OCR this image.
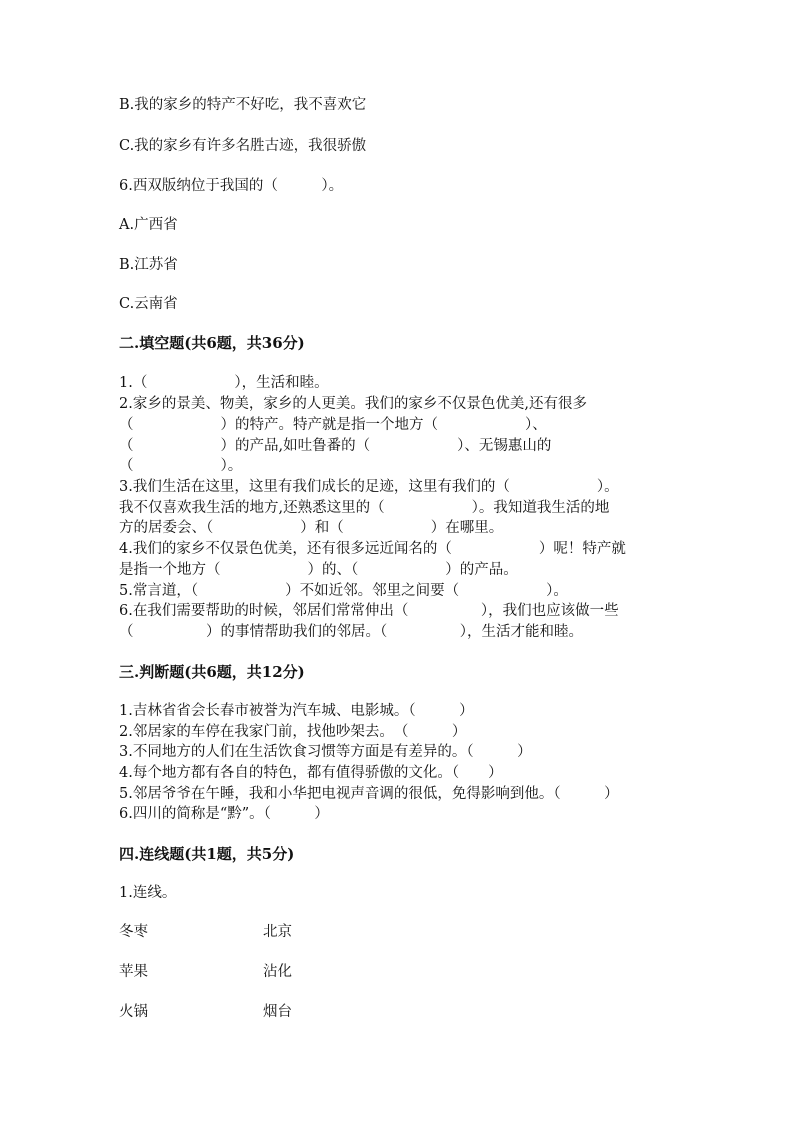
B.我的家乡的特产不好吃，我不喜欢它
C.我的家乡有许多名胜古迹，我很骄傲
6.西双版纳位于我国的（　　　）。
A.广西省
B.江苏省
C.云南省
二.填空题(共6题，共36分)
1.（　　　　　　），生活和睦。
2.家乡的景美、物美，家乡的人更美。我们的家乡不仅景色优美,还有很多
（　　　　　　）的特产。特产就是指一个地方（　　　　　　）、
（　　　　　　）的产品,如吐鲁番的（　　　　　　）、无锡惠山的
（　　　　　　）。
3.我们生活在这里，这里有我们成长的足迹，这里有我们的（　　　　　　）。
我不仅喜欢我生活的地方,还熟悉这里的（　　　　　　）。我知道我生活的地
方的居委会、（　　　　　　）和（　　　　　　）在哪里。
4.我们的家乡不仅景色优美，还有很多远近闻名的（　　　　　　）呢！特产就
是指一个地方（　　　　　　）的、（　　　　　　）的产品。
5.常言道，（　　　　　　）不如近邻。邻里之间要（　　　　　　）。
6.在我们需要帮助的时候，邻居们常常伸出（　　　　　），我们也应该做一些
（　　　　　）的事情帮助我们的邻居。（　　　　　），生活才能和睦。
三.判断题(共6题，共12分)
1.吉林省省会长春市被誉为汽车城、电影城。（　　　）
2.邻居家的车停在我家门前，找他吵架去。　（　　　）
3.不同地方的人们在生活饮食习惯等方面是有差异的。（　　　）
4.每个地方都有各自的特色，都有值得骄傲的文化。（　　）
5.邻居爷爷在午睡，我和小华把电视声音调的很低，免得影响到他。（　　　）
6.四川的简称是“黔”。（　　　）
四.连线题(共1题，共5分)
1.连线。
冬枣	北京
苹果	沾化
火锅	烟台
